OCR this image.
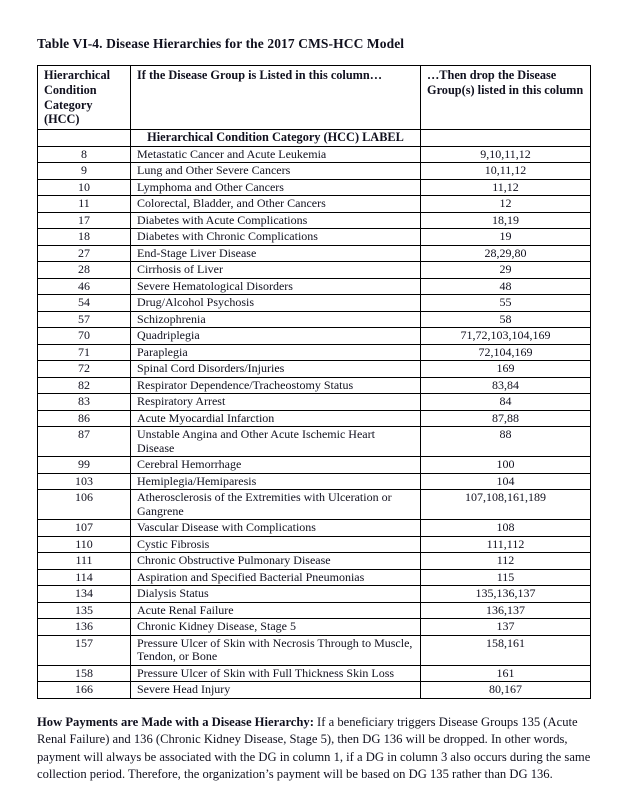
Table VI-4. Disease Hierarchies for the 2017 CMS-HCC Model
Hierarchical Condition Category (HCC)	If the Disease Group is Listed in this column…	…Then drop the Disease Group(s) listed in this column
	Hierarchical Condition Category (HCC) LABEL	
8	Metastatic Cancer and Acute Leukemia	9,10,11,12
9	Lung and Other Severe Cancers	10,11,12
10	Lymphoma and Other Cancers	11,12
11	Colorectal, Bladder, and Other Cancers	12
17	Diabetes with Acute Complications	18,19
18	Diabetes with Chronic Complications	19
27	End-Stage Liver Disease	28,29,80
28	Cirrhosis of Liver	29
46	Severe Hematological Disorders	48
54	Drug/Alcohol Psychosis	55
57	Schizophrenia	58
70	Quadriplegia	71,72,103,104,169
71	Paraplegia	72,104,169
72	Spinal Cord Disorders/Injuries	169
82	Respirator Dependence/Tracheostomy Status	83,84
83	Respiratory Arrest	84
86	Acute Myocardial Infarction	87,88
87	Unstable Angina and Other Acute Ischemic Heart Disease	88
99	Cerebral Hemorrhage	100
103	Hemiplegia/Hemiparesis	104
106	Atherosclerosis of the Extremities with Ulceration or Gangrene	107,108,161,189
107	Vascular Disease with Complications	108
110	Cystic Fibrosis	111,112
111	Chronic Obstructive Pulmonary Disease	112
114	Aspiration and Specified Bacterial Pneumonias	115
134	Dialysis Status	135,136,137
135	Acute Renal Failure	136,137
136	Chronic Kidney Disease, Stage 5	137
157	Pressure Ulcer of Skin with Necrosis Through to Muscle, Tendon, or Bone	158,161
158	Pressure Ulcer of Skin with Full Thickness Skin Loss	161
166	Severe Head Injury	80,167

How Payments are Made with a Disease Hierarchy: If a beneficiary triggers Disease Groups 135 (Acute Renal Failure) and 136 (Chronic Kidney Disease, Stage 5), then DG 136 will be dropped. In other words, payment will always be associated with the DG in column 1, if a DG in column 3 also occurs during the same collection period. Therefore, the organization’s payment will be based on DG 135 rather than DG 136.
